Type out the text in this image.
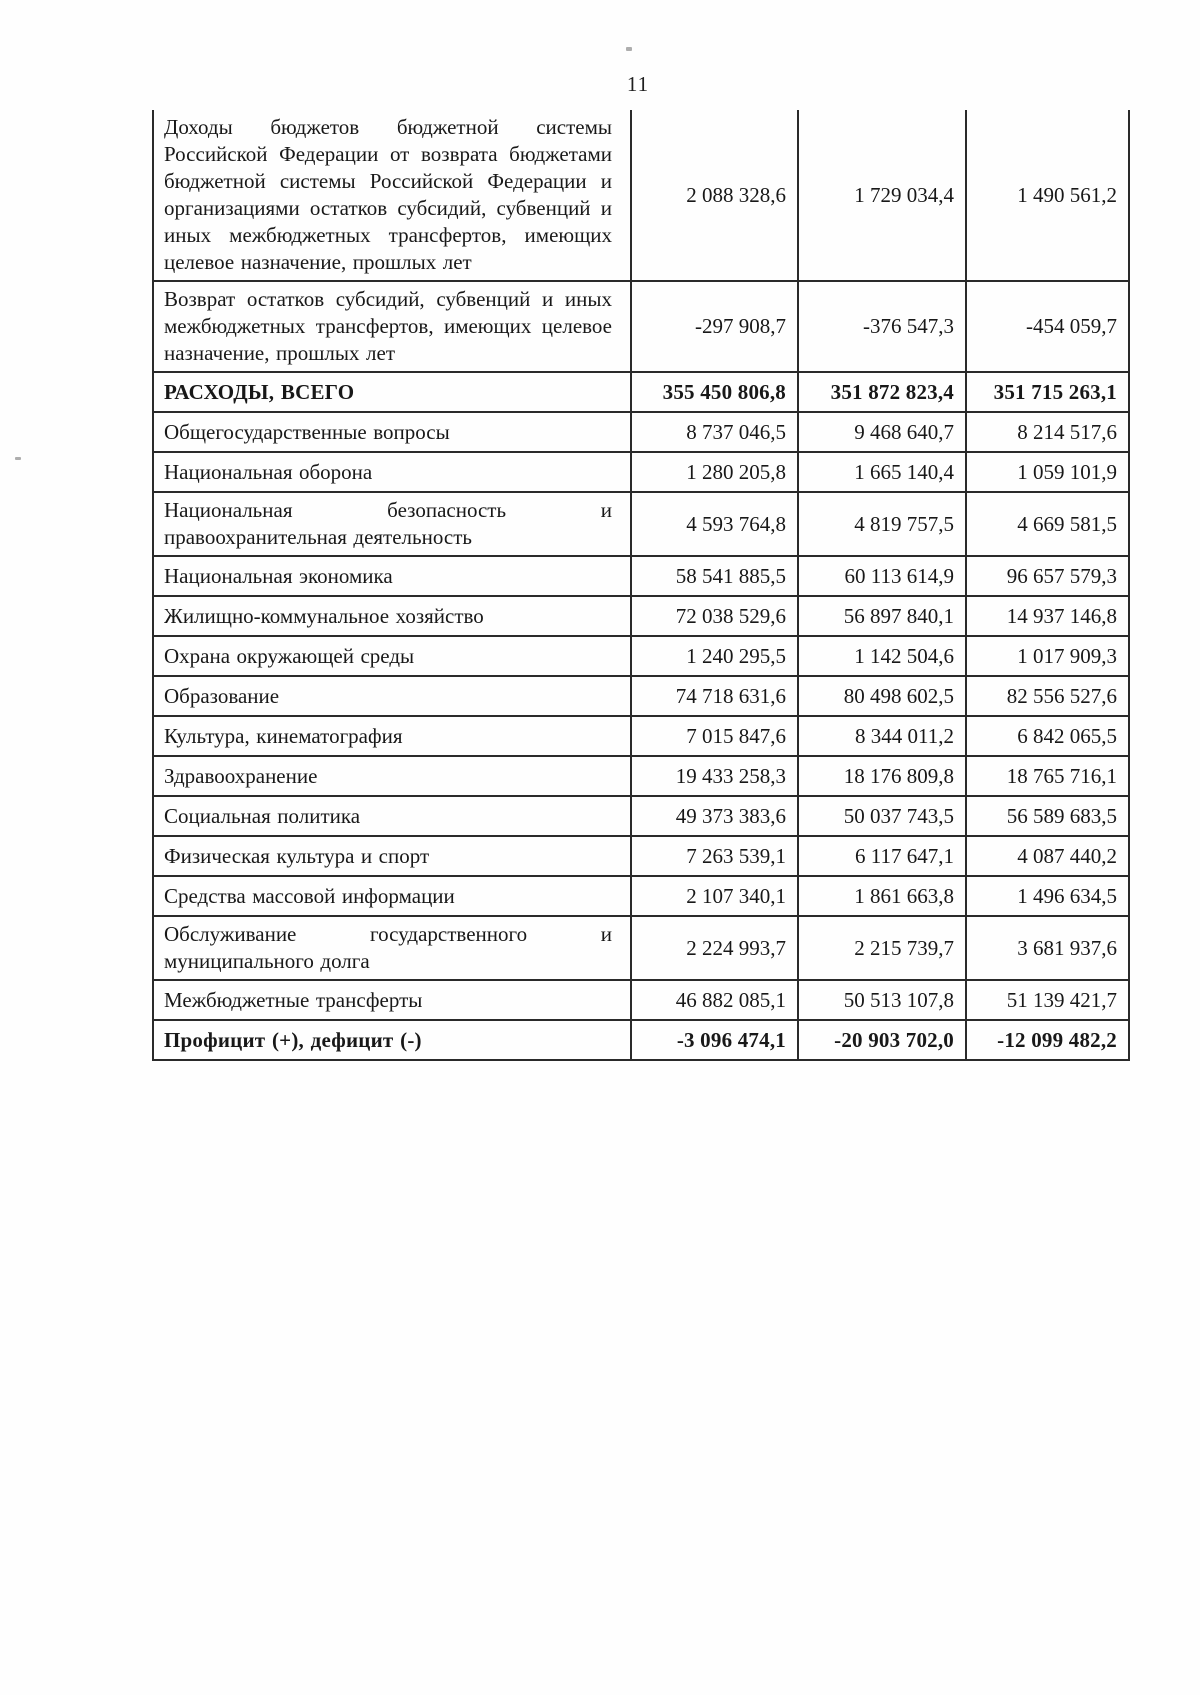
11
Доходы бюджетов бюджетной системы Российской Федерации от возврата бюджетами бюджетной системы Российской Федерации и организациями остатков субсидий, субвенций и иных межбюджетных трансфертов, имеющих целевое назначение, прошлых лет	2 088 328,6	1 729 034,4	1 490 561,2
Возврат остатков субсидий, субвенций и иных межбюджетных трансфертов, имеющих целевое назначение, прошлых лет	-297 908,7	-376 547,3	-454 059,7
РАСХОДЫ, ВСЕГО	355 450 806,8	351 872 823,4	351 715 263,1
Общегосударственные вопросы	8 737 046,5	9 468 640,7	8 214 517,6
Национальная оборона	1 280 205,8	1 665 140,4	1 059 101,9
Национальная безопасность и правоохранительная деятельность	4 593 764,8	4 819 757,5	4 669 581,5
Национальная экономика	58 541 885,5	60 113 614,9	96 657 579,3
Жилищно-коммунальное хозяйство	72 038 529,6	56 897 840,1	14 937 146,8
Охрана окружающей среды	1 240 295,5	1 142 504,6	1 017 909,3
Образование	74 718 631,6	80 498 602,5	82 556 527,6
Культура, кинематография	7 015 847,6	8 344 011,2	6 842 065,5
Здравоохранение	19 433 258,3	18 176 809,8	18 765 716,1
Социальная политика	49 373 383,6	50 037 743,5	56 589 683,5
Физическая культура и спорт	7 263 539,1	6 117 647,1	4 087 440,2
Средства массовой информации	2 107 340,1	1 861 663,8	1 496 634,5
Обслуживание государственного и муниципального долга	2 224 993,7	2 215 739,7	3 681 937,6
Межбюджетные трансферты	46 882 085,1	50 513 107,8	51 139 421,7
Профицит (+), дефицит (-)	-3 096 474,1	-20 903 702,0	-12 099 482,2
